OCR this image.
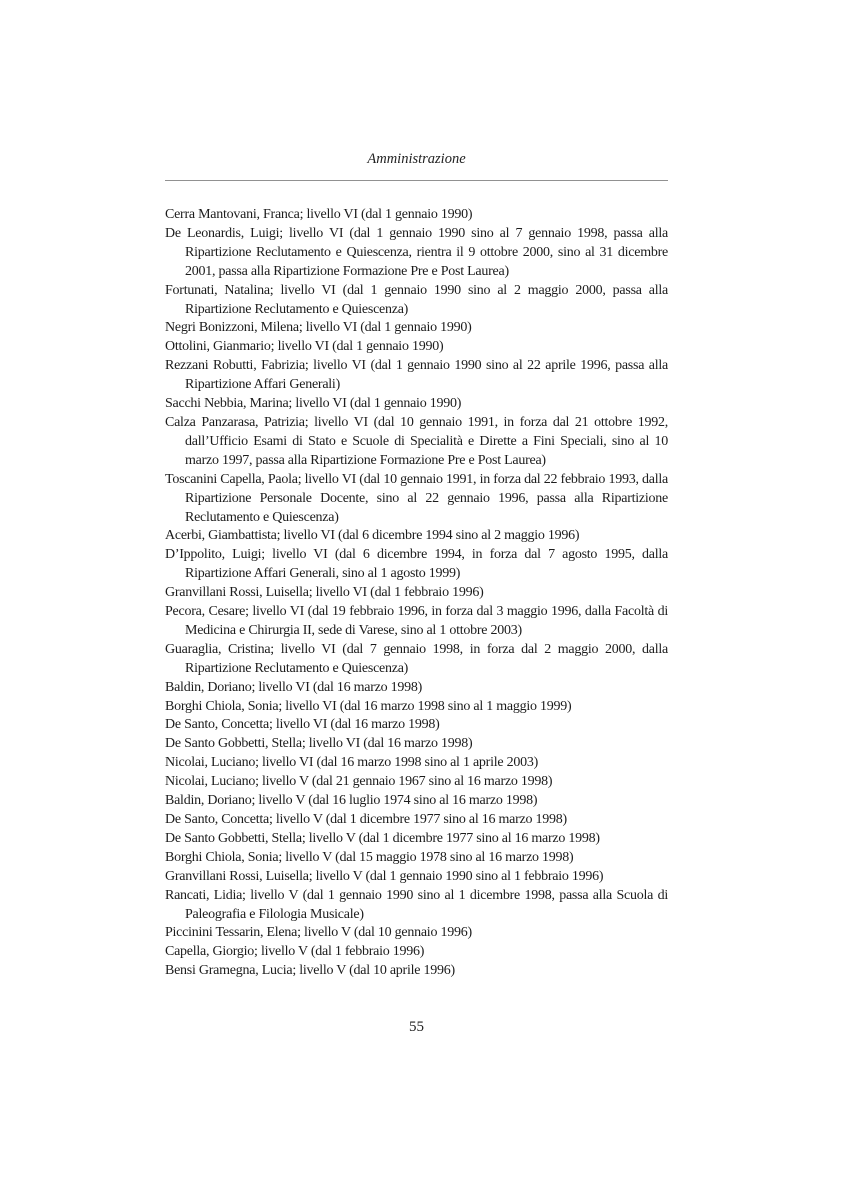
Amministrazione

Cerra Mantovani, Franca; livello VI (dal 1 gennaio 1990)

De Leonardis, Luigi; livello VI (dal 1 gennaio 1990 sino al 7 gennaio 1998, passa alla Ripartizione Reclutamento e Quiescenza, rientra il 9 ottobre 2000, sino al 31 dicembre 2001, passa alla Ripartizione Formazione Pre e Post Laurea)

Fortunati, Natalina; livello VI (dal 1 gennaio 1990 sino al 2 maggio 2000, passa alla Ripartizione Reclutamento e Quiescenza)

Negri Bonizzoni, Milena; livello VI (dal 1 gennaio 1990)

Ottolini, Gianmario; livello VI (dal 1 gennaio 1990)

Rezzani Robutti, Fabrizia; livello VI (dal 1 gennaio 1990 sino al 22 aprile 1996, passa alla Ripartizione Affari Generali)

Sacchi Nebbia, Marina; livello VI (dal 1 gennaio 1990)

Calza Panzarasa, Patrizia; livello VI (dal 10 gennaio 1991, in forza dal 21 ottobre 1992, dall’Ufficio Esami di Stato e Scuole di Specialità e Dirette a Fini Speciali, sino al 10 marzo 1997, passa alla Ripartizione Formazione Pre e Post Laurea)

Toscanini Capella, Paola; livello VI (dal 10 gennaio 1991, in forza dal 22 febbraio 1993, dalla Ripartizione Personale Docente, sino al 22 gennaio 1996, passa alla Ripartizione Reclutamento e Quiescenza)

Acerbi, Giambattista; livello VI (dal 6 dicembre 1994 sino al 2 maggio 1996)

D’Ippolito, Luigi; livello VI (dal 6 dicembre 1994, in forza dal 7 agosto 1995, dalla Ripartizione Affari Generali, sino al 1 agosto 1999)

Granvillani Rossi, Luisella; livello VI (dal 1 febbraio 1996)

Pecora, Cesare; livello VI (dal 19 febbraio 1996, in forza dal 3 maggio 1996, dalla Facoltà di Medicina e Chirurgia II, sede di Varese, sino al 1 ottobre 2003)

Guaraglia, Cristina; livello VI (dal 7 gennaio 1998, in forza dal 2 maggio 2000, dalla Ripartizione Reclutamento e Quiescenza)

Baldin, Doriano; livello VI (dal 16 marzo 1998)

Borghi Chiola, Sonia; livello VI (dal 16 marzo 1998 sino al 1 maggio 1999)

De Santo, Concetta; livello VI (dal 16 marzo 1998)

De Santo Gobbetti, Stella; livello VI (dal 16 marzo 1998)

Nicolai, Luciano; livello VI (dal 16 marzo 1998 sino al 1 aprile 2003)

Nicolai, Luciano; livello V (dal 21 gennaio 1967 sino al 16 marzo 1998)

Baldin, Doriano; livello V (dal 16 luglio 1974 sino al 16 marzo 1998)

De Santo, Concetta; livello V (dal 1 dicembre 1977 sino al 16 marzo 1998)

De Santo Gobbetti, Stella; livello V (dal 1 dicembre 1977 sino al 16 marzo 1998)

Borghi Chiola, Sonia; livello V (dal 15 maggio 1978 sino al 16 marzo 1998)

Granvillani Rossi, Luisella; livello V (dal 1 gennaio 1990 sino al 1 febbraio 1996)

Rancati, Lidia; livello V (dal 1 gennaio 1990 sino al 1 dicembre 1998, passa alla Scuola di Paleografia e Filologia Musicale)

Piccinini Tessarin, Elena; livello V (dal 10 gennaio 1996)

Capella, Giorgio; livello V (dal 1 febbraio 1996)

Bensi Gramegna, Lucia; livello V (dal 10 aprile 1996)

55
